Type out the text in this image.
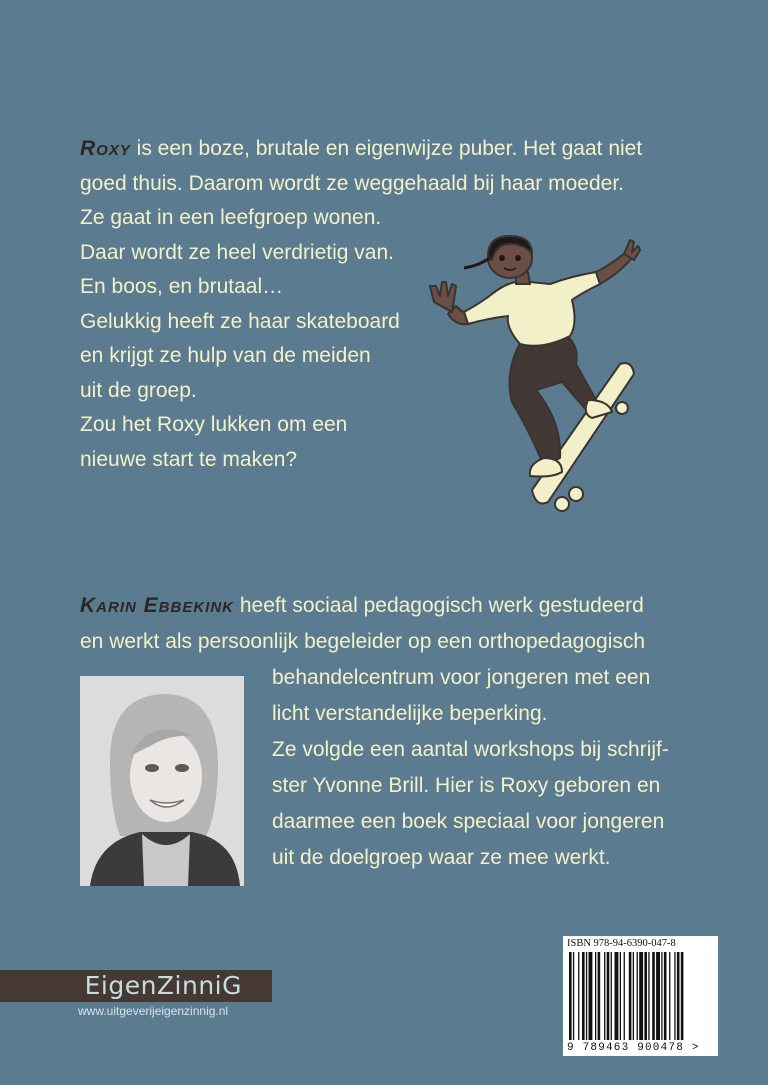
Roxy is een boze, brutale en eigenwijze puber. Het gaat niet
goed thuis. Daarom wordt ze weggehaald bij haar moeder.
Ze gaat in een leefgroep wonen.
Daar wordt ze heel verdrietig van.
En boos, en brutaal…
Gelukkig heeft ze haar skateboard
en krijgt ze hulp van de meiden
uit de groep.
Zou het Roxy lukken om een
nieuwe start te maken?
Karin Ebbekink heeft sociaal pedagogisch werk gestudeerd
en werkt als persoonlijk begeleider op een orthopedagogisch
behandelcentrum voor jongeren met een
licht verstandelijke beperking.
Ze volgde een aantal workshops bij schrijf-
ster Yvonne Brill. Hier is Roxy geboren en
daarmee een boek speciaal voor jongeren
uit de doelgroep waar ze mee werkt.
ISBN 978-94-6390-047-8
9 789463 900478 >
EigenZinniG
www.uitgeverijeigenzinnig.nl
